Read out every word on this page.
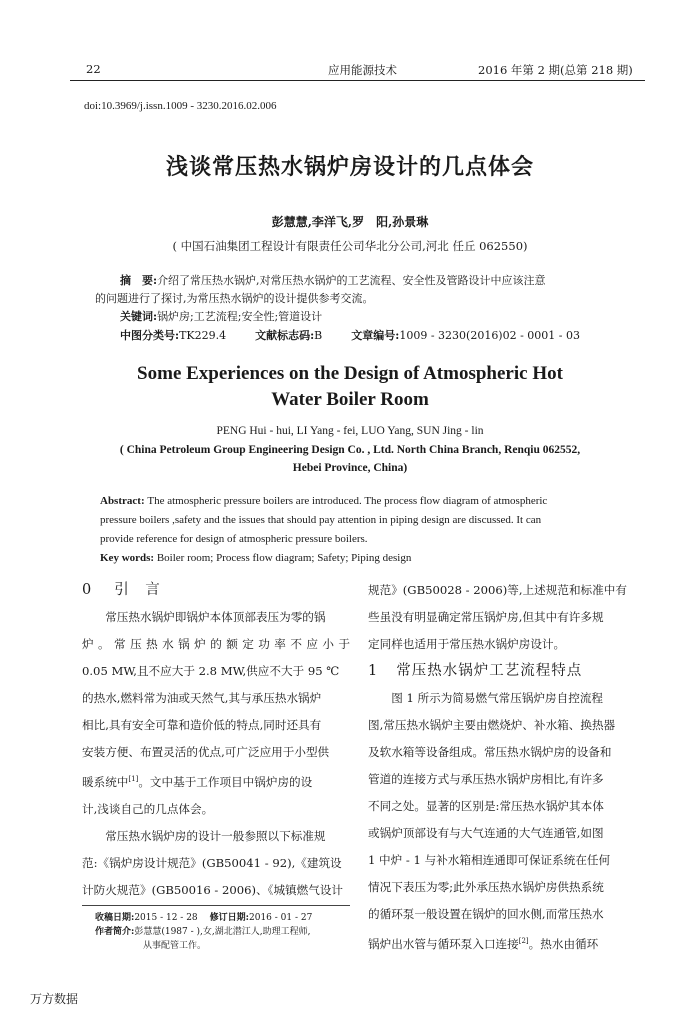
22	应用能源技术	2016 年第 2 期(总第 218 期)
doi:10.3969/j.issn.1009 - 3230.2016.02.006
浅谈常压热水锅炉房设计的几点体会
彭慧慧,李洋飞,罗　阳,孙景琳
( 中国石油集团工程设计有限责任公司华北分公司,河北 任丘 062550)
摘　要:介绍了常压热水锅炉,对常压热水锅炉的工艺流程、安全性及管路设计中应该注意
的问题进行了探讨,为常压热水锅炉的设计提供参考交流。
关键词:锅炉房;工艺流程;安全性;管道设计
中图分类号:TK229.4	文献标志码:B	文章编号:1009 - 3230(2016)02 - 0001 - 03
Some Experiences on the Design of Atmospheric Hot
Water Boiler Room
PENG Hui - hui, LI Yang - fei, LUO Yang, SUN Jing - lin
( China Petroleum Group Engineering Design Co. , Ltd. North China Branch, Renqiu 062552,
Hebei Province, China)
Abstract: The atmospheric pressure boilers are introduced. The process flow diagram of atmospheric
pressure boilers ,safety and the issues that should pay attention in piping design are discussed. It can
provide reference for design of atmospheric pressure boilers.
Key words: Boiler room; Process flow diagram; Safety; Piping design

0 引　言

常压热水锅炉即锅炉本体顶部表压为零的锅

炉。常压热水锅炉的额定功率不应小于

0.05 MW,且不应大于 2.8 MW,供应不大于 95 ℃

的热水,燃料常为油或天然气,其与承压热水锅炉

相比,具有安全可靠和造价低的特点,同时还具有

安装方便、布置灵活的优点,可广泛应用于小型供

暖系统中[1]。文中基于工作项目中锅炉房的设

计,浅谈自己的几点体会。

常压热水锅炉房的设计一般参照以下标准规

范:《锅炉房设计规范》(GB50041 - 92),《建筑设

计防火规范》(GB50016 - 2006)、《城镇燃气设计

收稿日期:2015 - 12 - 28 修订日期:2016 - 01 - 27
作者简介:彭慧慧(1987 - ),女,湖北潜江人,助理工程师,
从事配管工作。

规范》(GB50028 - 2006)等,上述规范和标准中有

些虽没有明显确定常压锅炉房,但其中有许多规

定同样也适用于常压热水锅炉房设计。

1 常压热水锅炉工艺流程特点

图 1 所示为简易燃气常压锅炉房自控流程

图,常压热水锅炉主要由燃烧炉、补水箱、换热器

及软水箱等设备组成。常压热水锅炉房的设备和

管道的连接方式与承压热水锅炉房相比,有许多

不同之处。显著的区别是:常压热水锅炉其本体

或锅炉顶部设有与大气连通的大气连通管,如图

1 中炉 - 1 与补水箱相连通即可保证系统在任何

情况下表压为零;此外承压热水锅炉房供热系统

的循环泵一般设置在锅炉的回水侧,而常压热水

锅炉出水管与循环泵入口连接[2]。热水由循环

万方数据
